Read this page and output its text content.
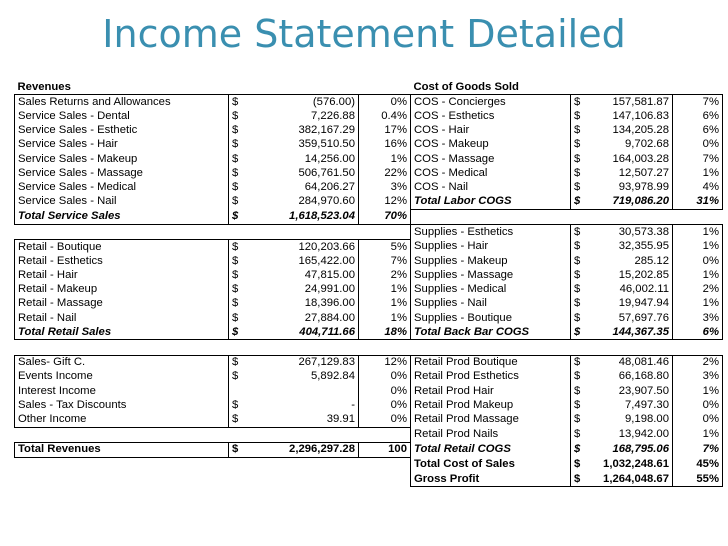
Income Statement Detailed
Revenues				Cost of Goods Sold			
Sales Returns and Allowances	$	(576.00)	0%	COS - Concierges	$	157,581.87	7%
Service Sales - Dental	$	7,226.88	0.4%	COS - Esthetics	$	147,106.83	6%
Service Sales - Esthetic	$	382,167.29	17%	COS - Hair	$	134,205.28	6%
Service Sales - Hair	$	359,510.50	16%	COS - Makeup	$	9,702.68	0%
Service Sales - Makeup	$	14,256.00	1%	COS - Massage	$	164,003.28	7%
Service Sales - Massage	$	506,761.50	22%	COS - Medical	$	12,507.27	1%
Service Sales - Medical	$	64,206.27	3%	COS - Nail	$	93,978.99	4%
Service Sales - Nail	$	284,970.60	12%	Total Labor COGS	$	719,086.20	31%
Total Service Sales	$	1,618,523.04	70%				
				Supplies - Esthetics	$	30,573.38	1%
Retail - Boutique	$	120,203.66	5%	Supplies - Hair	$	32,355.95	1%
Retail - Esthetics	$	165,422.00	7%	Supplies - Makeup	$	285.12	0%
Retail - Hair	$	47,815.00	2%	Supplies - Massage	$	15,202.85	1%
Retail - Makeup	$	24,991.00	1%	Supplies - Medical	$	46,002.11	2%
Retail - Massage	$	18,396.00	1%	Supplies - Nail	$	19,947.94	1%
Retail - Nail	$	27,884.00	1%	Supplies - Boutique	$	57,697.76	3%
Total Retail Sales	$	404,711.66	18%	Total Back Bar COGS	$	144,367.35	6%

Sales- Gift C.	$	267,129.83	12%	Retail Prod Boutique	$	48,081.46	2%
Events Income	$	5,892.84	0%	Retail Prod Esthetics	$	66,168.80	3%
Interest Income			0%	Retail Prod Hair	$	23,907.50	1%
Sales - Tax Discounts	$	-	0%	Retail Prod Makeup	$	7,497.30	0%
Other Income	$	39.91	0%	Retail Prod Massage	$	9,198.00	0%
				Retail Prod Nails	$	13,942.00	1%
Total Revenues	$	2,296,297.28	100	Total Retail COGS	$	168,795.06	7%
				Total Cost of Sales	$	1,032,248.61	45%
				Gross Profit	$	1,264,048.67	55%
